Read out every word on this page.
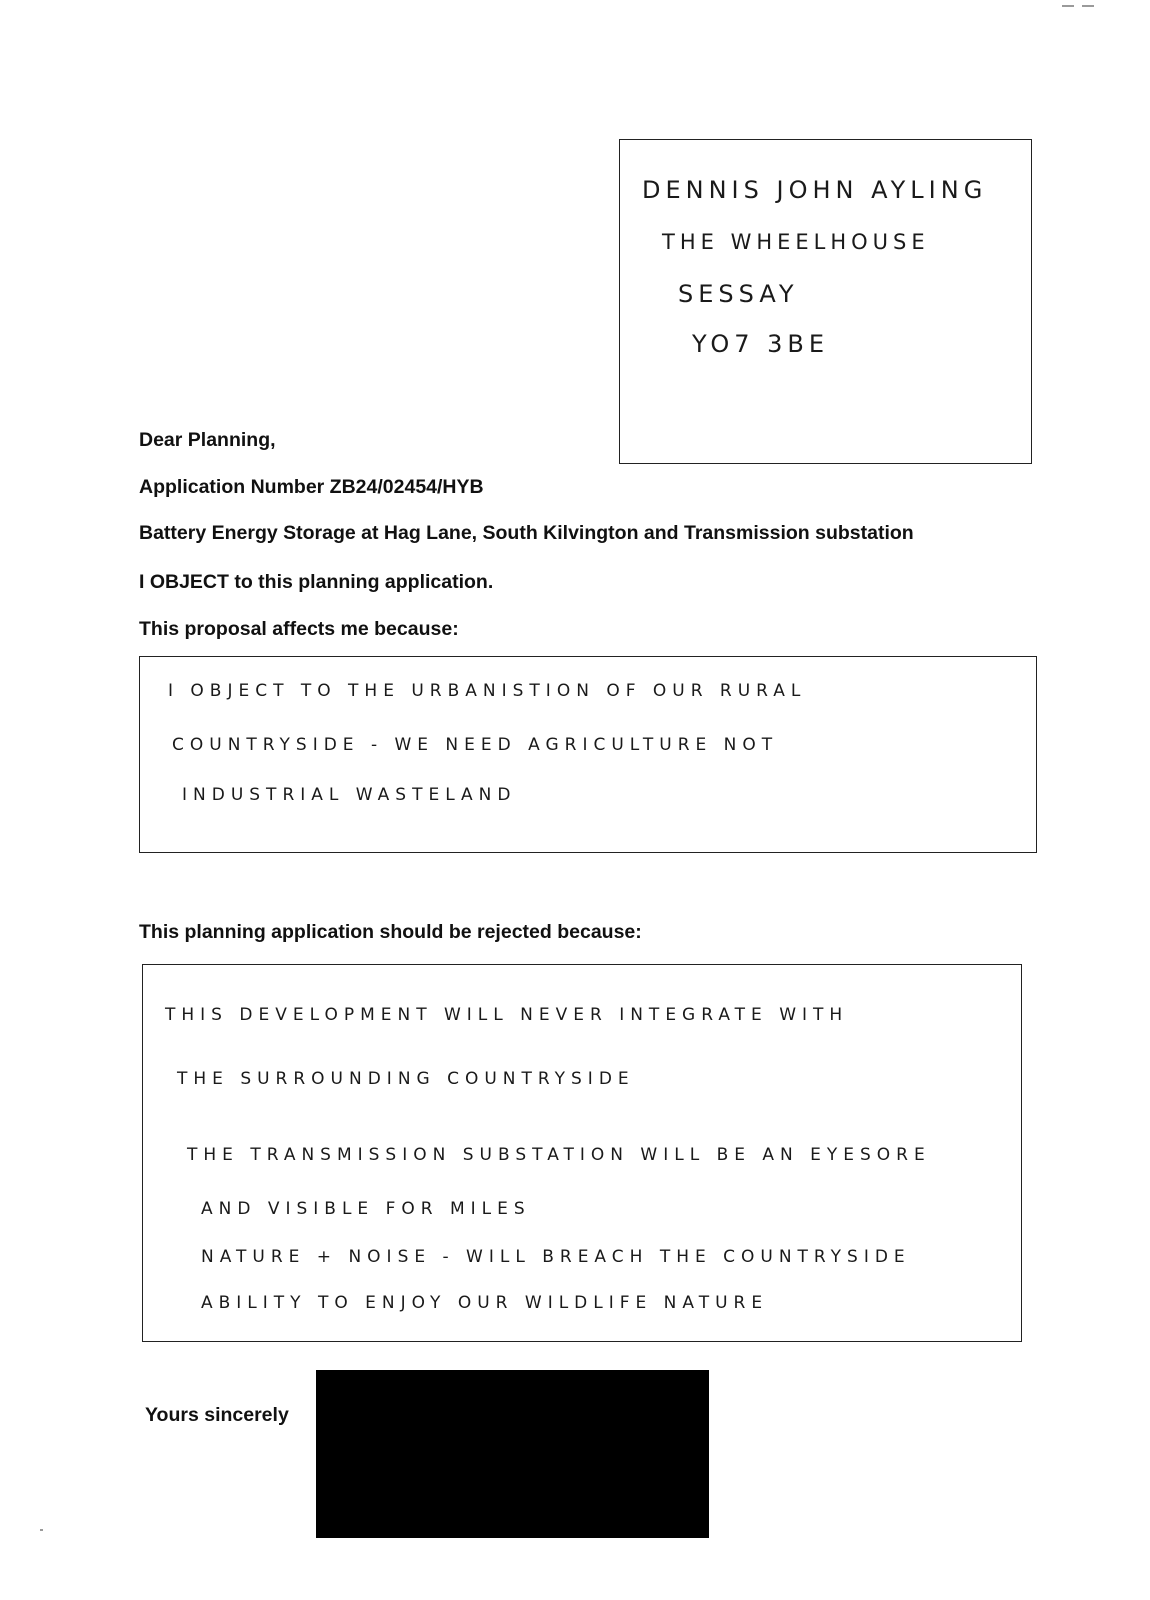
DENNIS JOHN AYLING
THE WHEELHOUSE
SESSAY
YO7 3BE
Dear Planning,
Application Number ZB24/02454/HYB
Battery Energy Storage at Hag Lane, South Kilvington and Transmission substation
I OBJECT to this planning application.
This proposal affects me because:
I OBJECT TO THE URBANISTION OF OUR RURAL
COUNTRYSIDE - WE NEED AGRICULTURE NOT
INDUSTRIAL WASTELAND
This planning application should be rejected because:
THIS DEVELOPMENT WILL NEVER INTEGRATE WITH
THE SURROUNDING COUNTRYSIDE
THE TRANSMISSION SUBSTATION WILL BE AN EYESORE
AND VISIBLE FOR MILES
NATURE + NOISE - WILL BREACH THE COUNTRYSIDE
ABILITY TO ENJOY OUR WILDLIFE NATURE
Yours sincerely
